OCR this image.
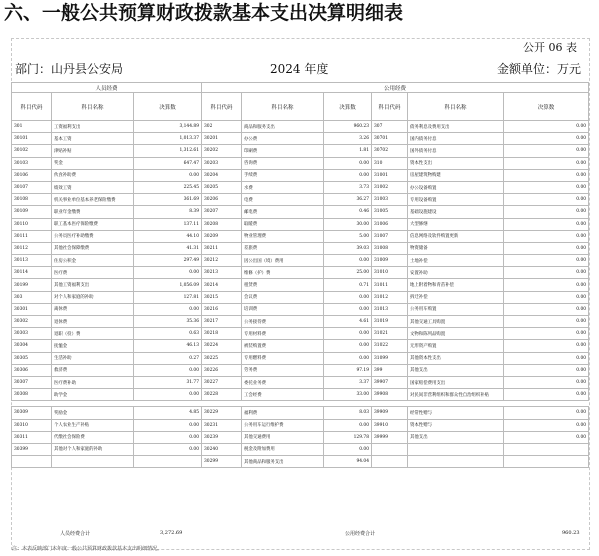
六、一般公共预算财政拨款基本支出决算明细表
公开 06 表
部门：山丹县公安局	2024 年度	金额单位：万元
人员经费			公用经费					
科目代码	科目名称	决算数	科目代码	科目名称	决算数	科目代码	科目名称	决算数
301	工资福利支出	3,144.89	302	商品和服务支出	960.23	307	债务利息及费用支出	0.00
30101	基本工资	1,013.37	30201	办公费	3.26	30701	国内债务付息	0.00
30102	津贴补贴	1,312.61	30202	印刷费	1.81	30702	国外债务付息	0.00
30103	奖金	647.47	30203	咨询费	0.00	310	资本性支出	0.00
30106	伙食补助费	0.00	30204	手续费	0.00	31001	房屋建筑物购建	0.00
30107	绩效工资	225.45	30205	水费	3.73	31002	办公设备购置	0.00
30108	机关事业单位基本养老保险缴费	361.69	30206	电费	36.27	31003	专用设备购置	0.00
30109	职业年金缴费	8.39	30207	邮电费	0.46	31005	基础设施建设	0.00
30110	职工基本医疗保险缴费	137.11	30208	取暖费	30.00	31006	大型修缮	0.00
30111	公务员医疗补助缴费	44.10	30209	物业管理费	5.00	31007	信息网络及软件购置更新	0.00
30112	其他社会保障缴费	41.31	30211	差旅费	39.03	31008	物资储备	0.00
30113	住房公积金	297.49	30212	因公出国（境）费用	0.00	31009	土地补偿	0.00
30114	医疗费	0.00	30213	维修（护）费	25.00	31010	安置补助	0.00
30199	其他工资福利支出	1,056.09	30214	租赁费	0.71	31011	地上附着物和青苗补偿	0.00
303	对个人和家庭的补助	127.81	30215	会议费	0.00	31012	拆迁补偿	0.00
30301	离休费	0.00	30216	培训费	0.00	31013	公务用车购置	0.00
30302	退休费	35.36	30217	公务接待费	4.61	31019	其他交通工具购置	0.00
30303	退职（役）费	0.63	30218	专用材料费	0.00	31021	文物和陈列品购置	0.00
30304	抚恤金	46.13	30224	被装购置费	0.00	31022	无形资产购置	0.00
30305	生活补助	0.27	30225	专用燃料费	0.00	31099	其他资本性支出	0.00
30306	救济费	0.00	30226	劳务费	97.19	399	其他支出	0.00
30307	医疗费补助	31.77	30227	委托业务费	3.37	39907	国家赔偿费用支出	0.00
30308	助学金	0.00	30228	工会经费	33.00	39908	对民间非营利组织和群众性自治组织补贴	0.00

30309	奖励金	4.85	30229	福利费	8.03	39909	经常性赠与	0.00
30310	个人农业生产补贴	0.00	30231	公务用车运行维护费	0.00	39910	资本性赠与	0.00
30311	代缴社会保险费	0.00	30239	其他交通费用	129.78	39999	其他支出	0.00
30399	其他对个人和家庭的补助	0.00	30240	税金及附加费用	0.00			
			30299	其他商品和服务支出	94.04			
人员经费合计	3,272.69	公用经费合计	960.23
注：本表反映部门本年度一般公共预算财政拨款基本支出明细情况。
